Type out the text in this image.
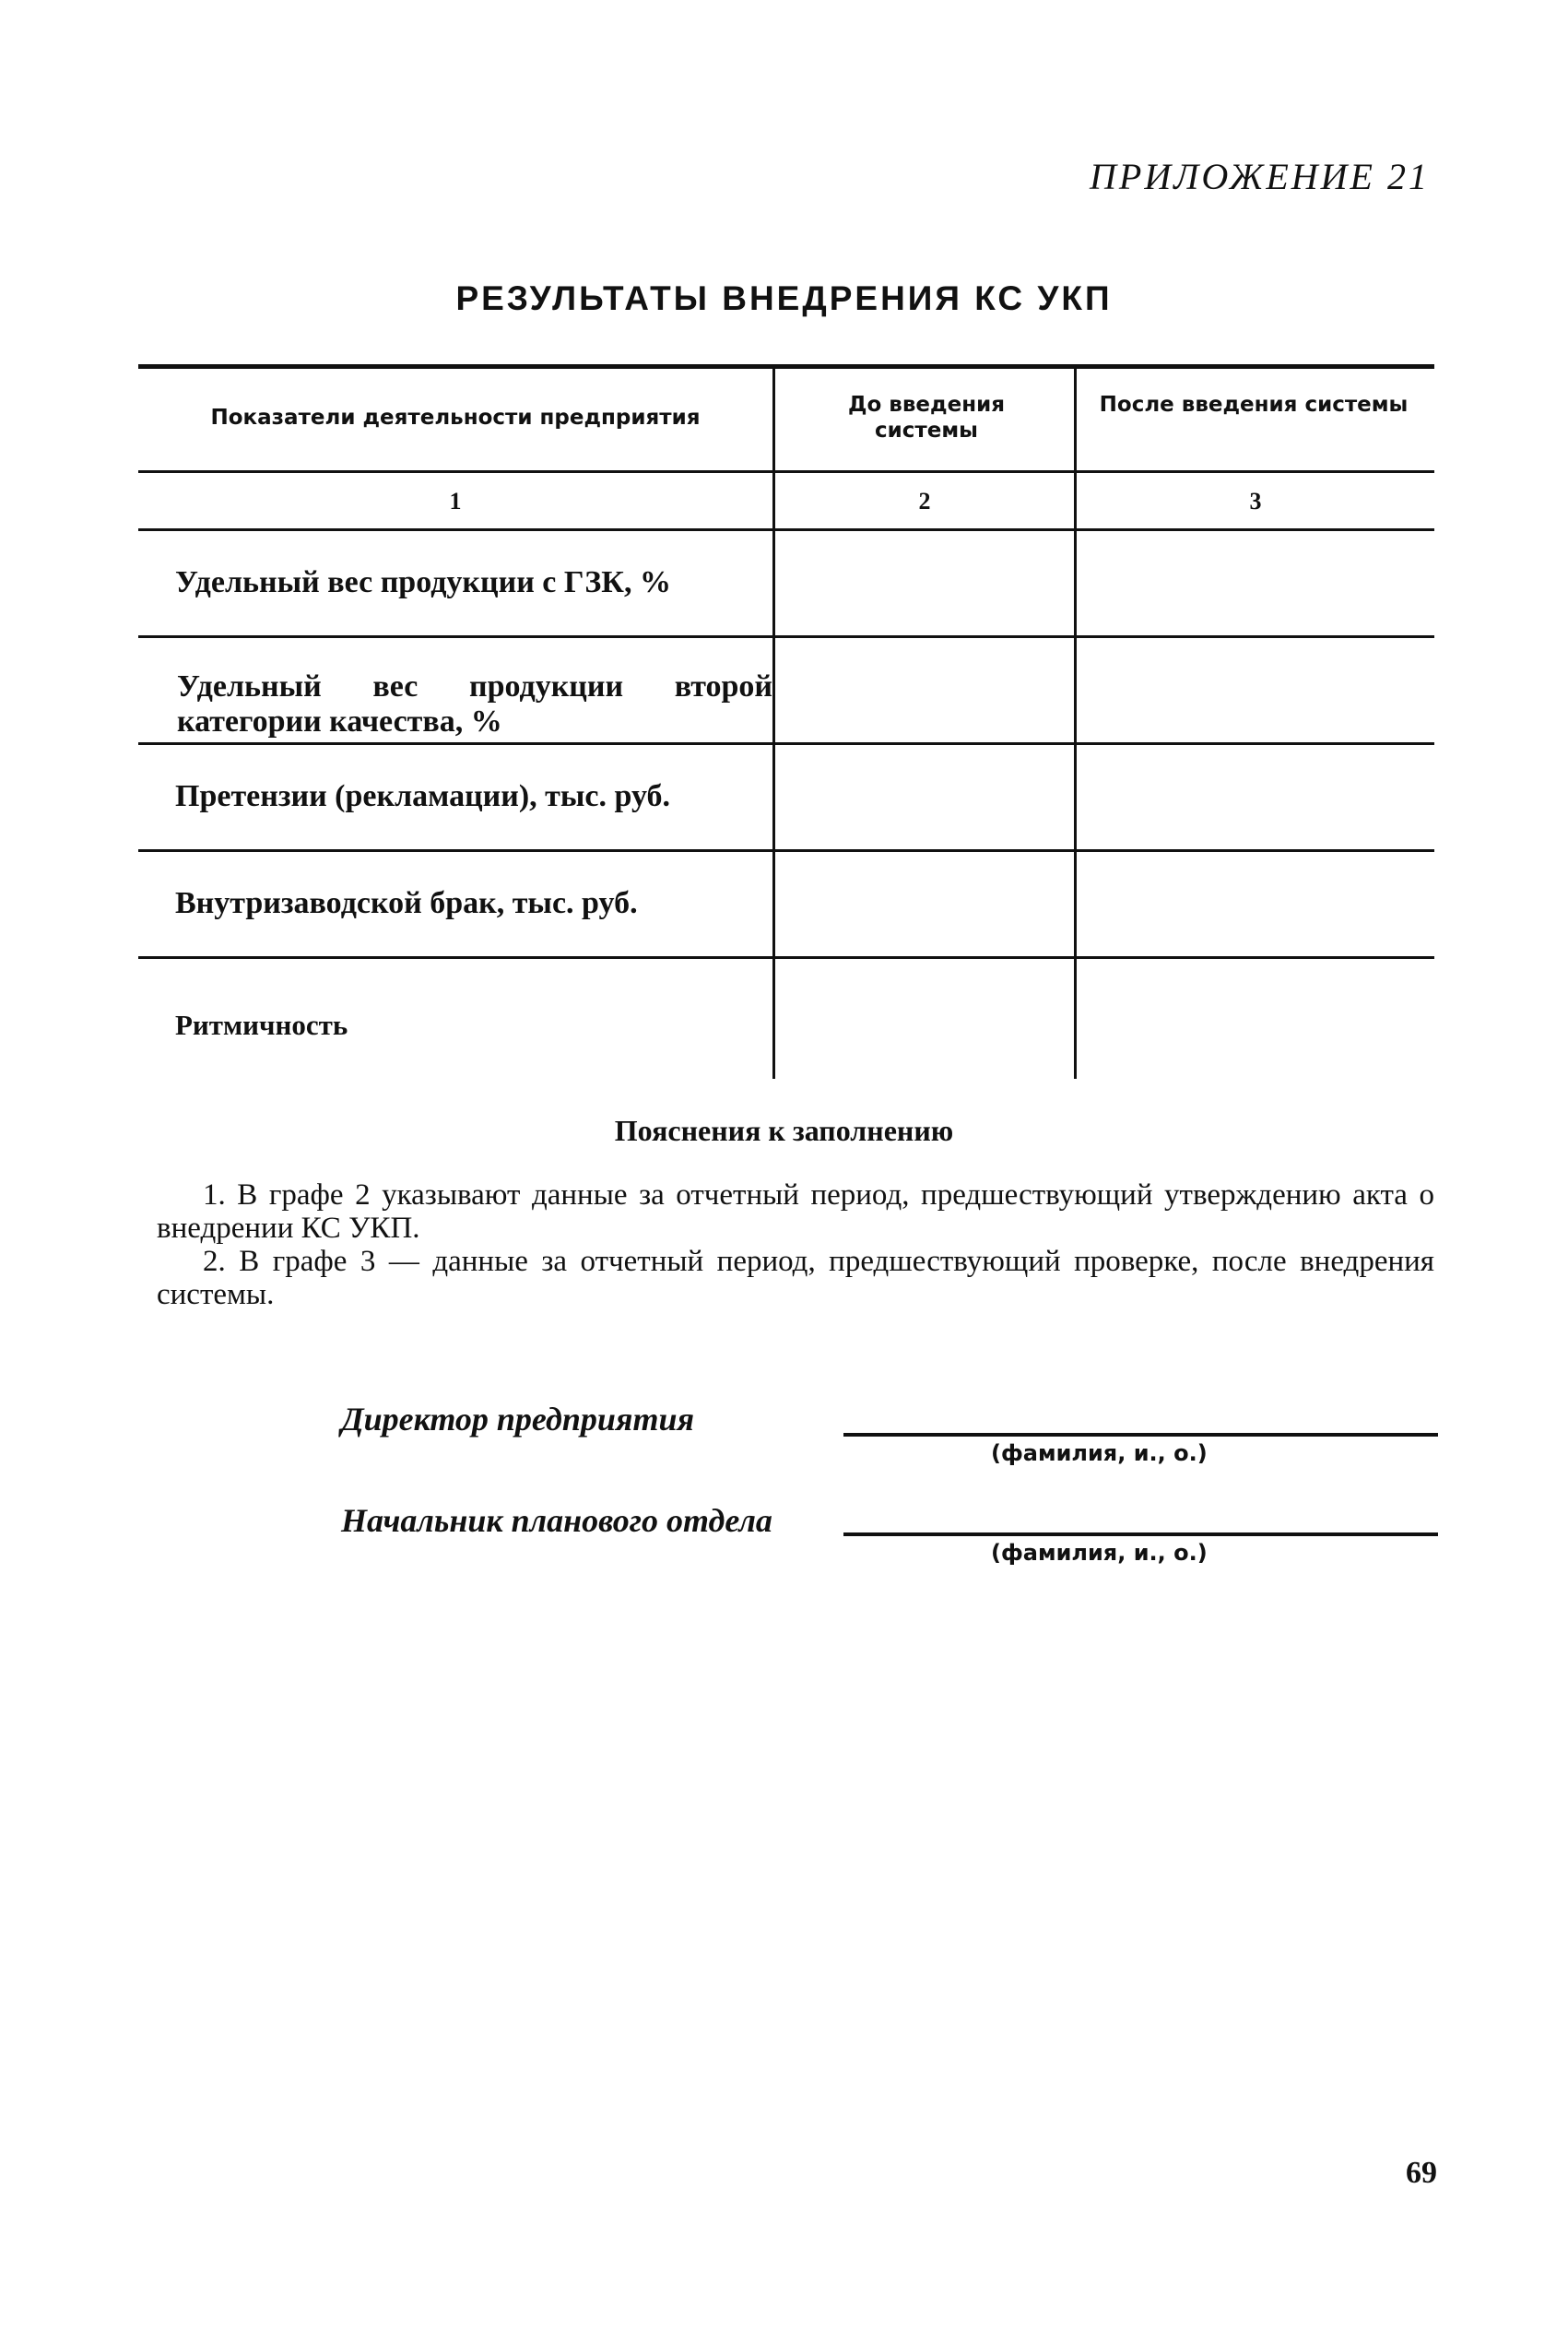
ПРИЛОЖЕНИЕ 21
РЕЗУЛЬТАТЫ ВНЕДРЕНИЯ КС УКП
Показатели деятельности предприятия
До введения системы
После введения системы
1	2	3
Удельный вес продукции с ГЗК, %
Удельный вес продукции второй категории качества, %
Претензии (рекламации), тыс. руб.
Внутризаводской брак, тыс. руб.
Ритмичность
Пояснения к заполнению
1. В графе 2 указывают данные за отчетный период, предшествующий утверждению акта о внедрении КС УКП.
2. В графе 3 — данные за отчетный период, предшествующий проверке, после внедрения системы.
Директор предприятия
(фамилия, и., о.)
Начальник планового отдела
(фамилия, и., о.)
69
